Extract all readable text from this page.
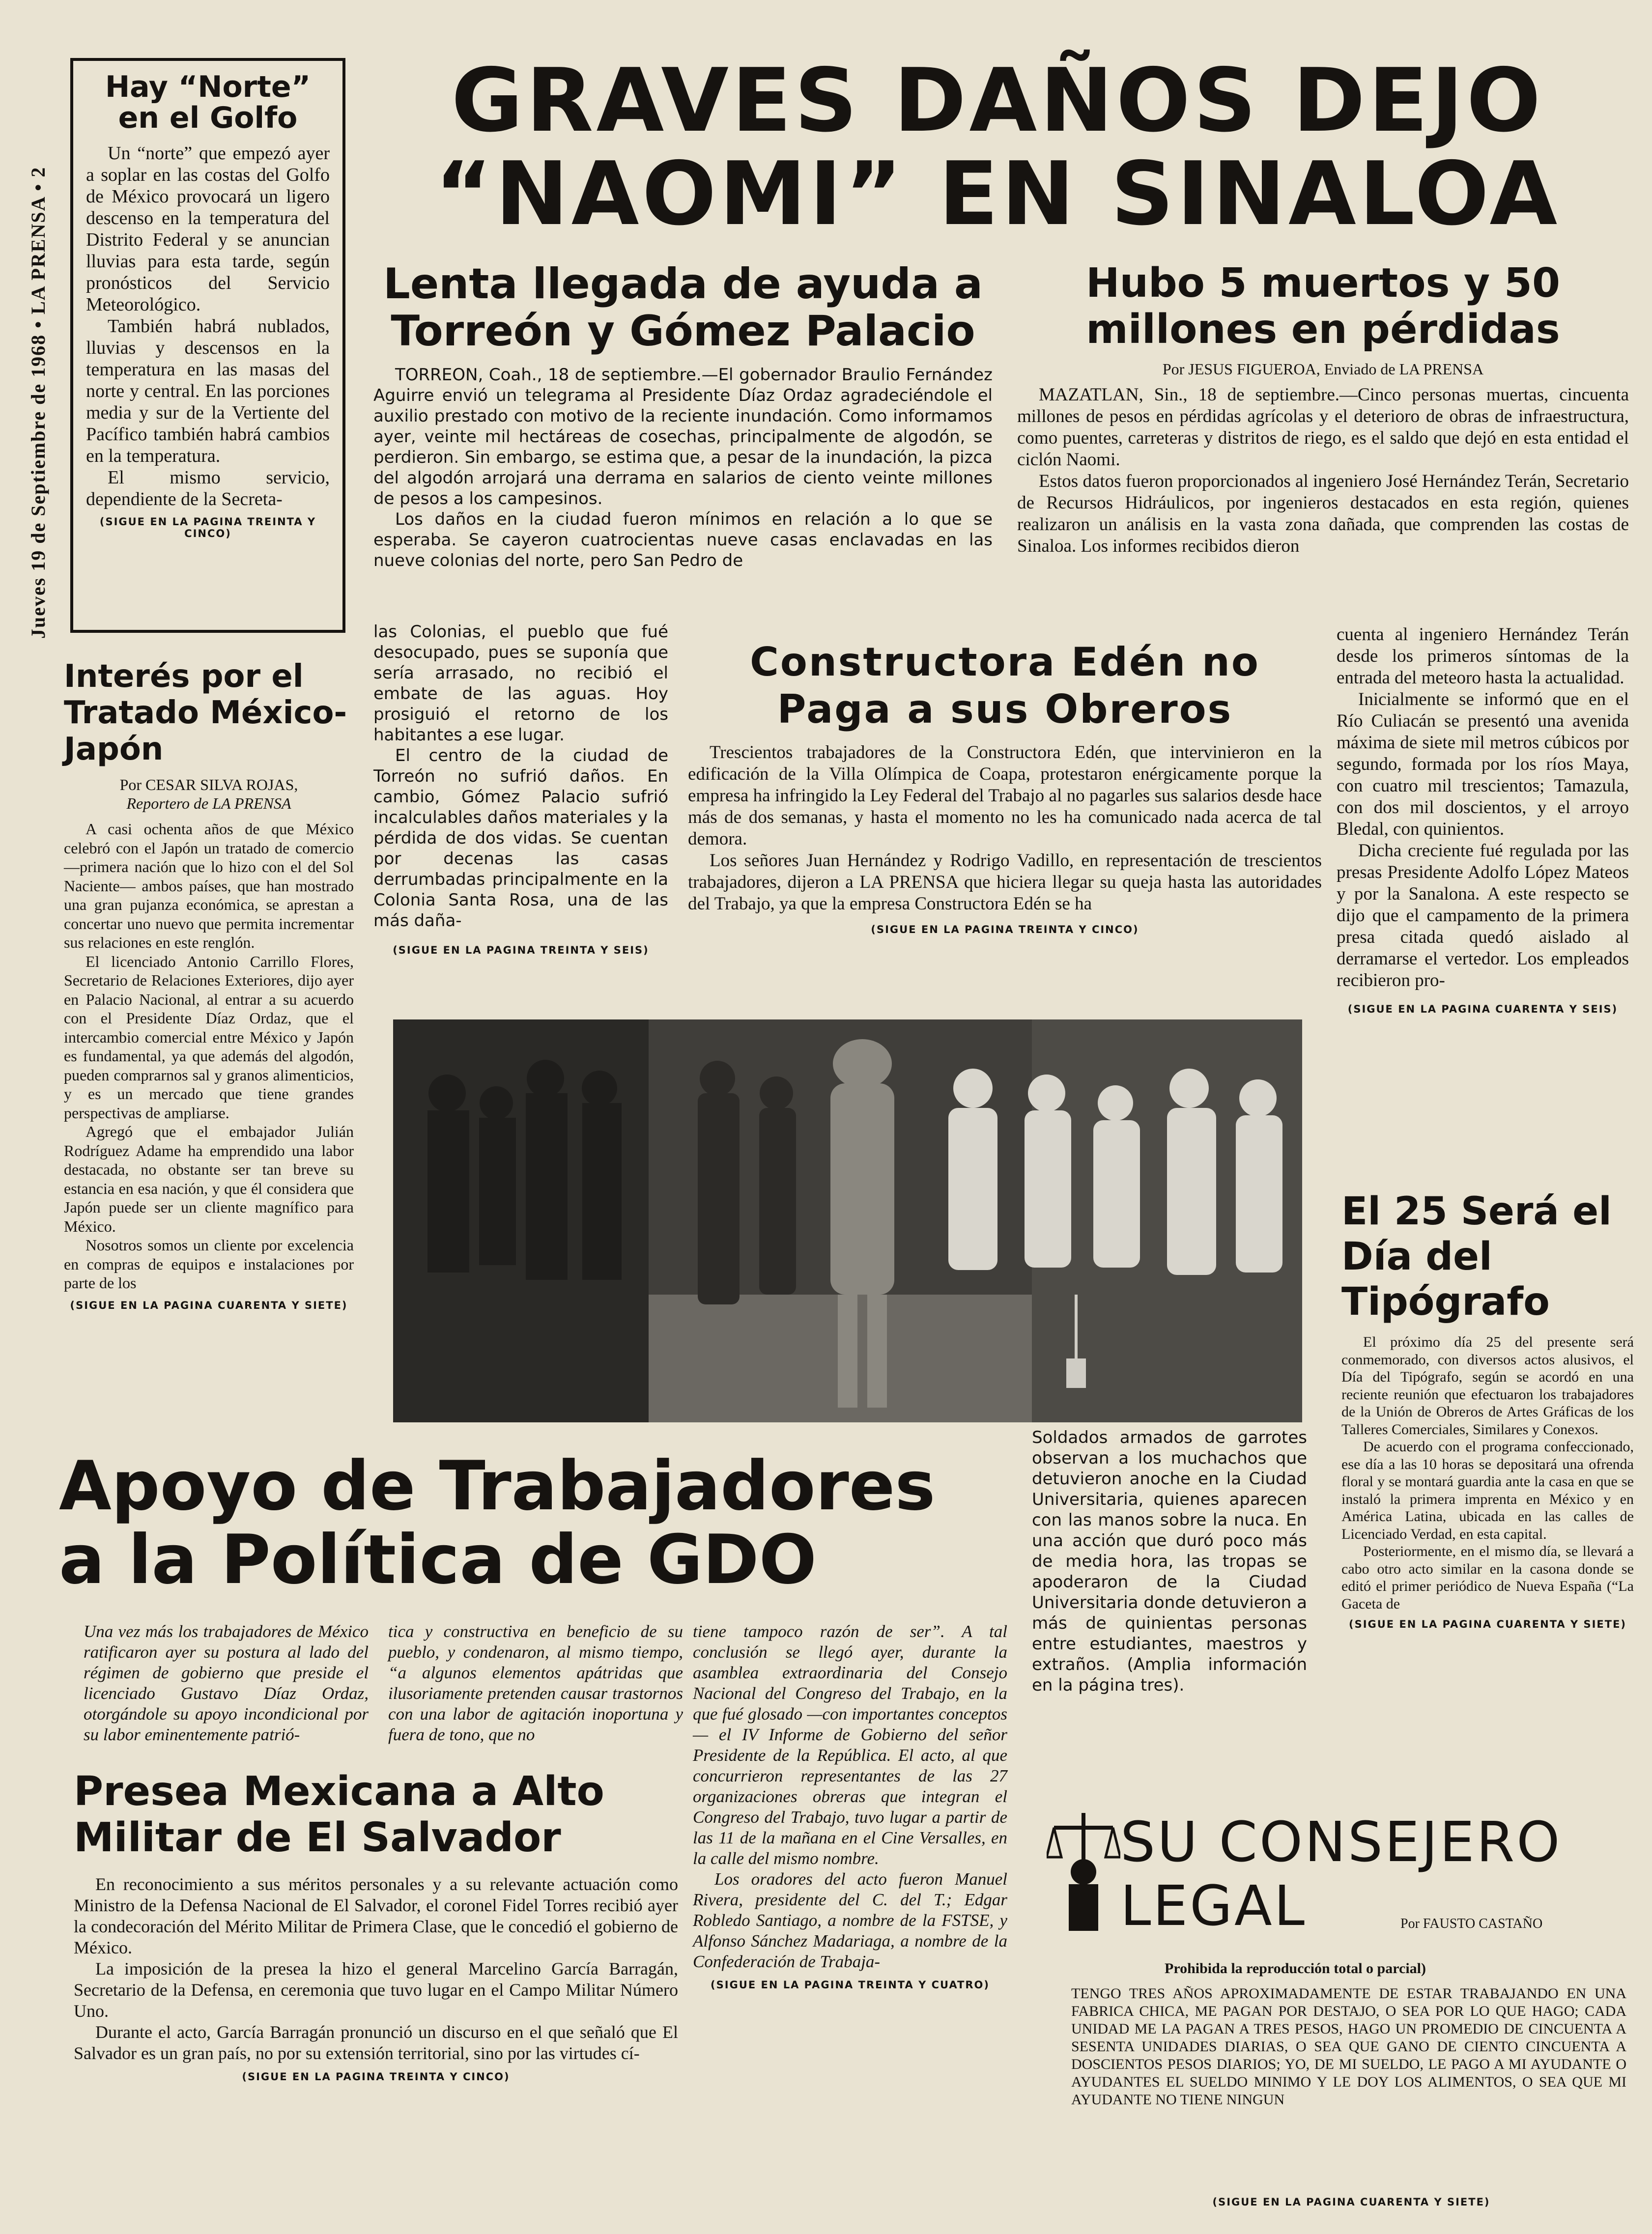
Jueves 19 de Septiembre de 1968 • LA PRENSA • 2
Hay “Norte” en el Golfo

Un “norte” que empezó ayer a soplar en las costas del Golfo de México provocará un ligero descenso en la temperatura del Distrito Federal y se anuncian lluvias para esta tarde, según pronósticos del Servicio Meteorológico.

También habrá nublados, lluvias y descensos en la temperatura en las masas del norte y central. En las porciones media y sur de la Vertiente del Pacífico también habrá cambios en la temperatura.

El mismo servicio, dependiente de la Secreta-

(SIGUE EN LA PAGINA TREINTA Y CINCO)
GRAVES DAÑOS DEJO
“NAOMI” EN SINALOA
Lenta llegada de ayuda a Torreón y Gómez Palacio

TORREON, Coah., 18 de septiembre.—El gobernador Braulio Fernández Aguirre envió un telegrama al Presidente Díaz Ordaz agradeciéndole el auxilio prestado con motivo de la reciente inundación. Como informamos ayer, veinte mil hectáreas de cosechas, principalmente de algodón, se perdieron. Sin embargo, se estima que, a pesar de la inundación, la pizca del algodón arrojará una derrama en salarios de ciento veinte millones de pesos a los campesinos.

Los daños en la ciudad fueron mínimos en relación a lo que se esperaba. Se cayeron cuatrocientas nueve casas enclavadas en las nueve colonias del norte, pero San Pedro de

las Colonias, el pueblo que fué desocupado, pues se suponía que sería arrasado, no recibió el embate de las aguas. Hoy prosiguió el retorno de los habitantes a ese lugar.

El centro de la ciudad de Torreón no sufrió daños. En cambio, Gómez Palacio sufrió incalculables daños materiales y la pérdida de dos vidas. Se cuentan por decenas las casas derrumbadas principalmente en la Colonia Santa Rosa, una de las más daña-

(SIGUE EN LA PAGINA TREINTA Y SEIS)
Hubo 5 muertos y 50 millones en pérdidas
Por JESUS FIGUEROA, Enviado de LA PRENSA

MAZATLAN, Sin., 18 de septiembre.—Cinco personas muertas, cincuenta millones de pesos en pérdidas agrícolas y el deterioro de obras de infraestructura, como puentes, carreteras y distritos de riego, es el saldo que dejó en esta entidad el ciclón Naomi.

Estos datos fueron proporcionados al ingeniero José Hernández Terán, Secretario de Recursos Hidráulicos, por ingenieros destacados en esta región, quienes realizaron un análisis en la vasta zona dañada, que comprenden las costas de Sinaloa. Los informes recibidos dieron

cuenta al ingeniero Hernández Terán desde los primeros síntomas de la entrada del meteoro hasta la actualidad.

Inicialmente se informó que en el Río Culiacán se presentó una avenida máxima de siete mil metros cúbicos por segundo, formada por los ríos Maya, con cuatro mil trescientos; Tamazula, con dos mil doscientos, y el arroyo Bledal, con quinientos.

Dicha creciente fué regulada por las presas Presidente Adolfo López Mateos y por la Sanalona. A este respecto se dijo que el campamento de la primera presa citada quedó aislado al derramarse el vertedor. Los empleados recibieron pro-

(SIGUE EN LA PAGINA CUARENTA Y SEIS)
Interés por el Tratado México-Japón
Por CESAR SILVA ROJAS,
Reportero de LA PRENSA

A casi ochenta años de que México celebró con el Japón un tratado de comercio —primera nación que lo hizo con el del Sol Naciente— ambos países, que han mostrado una gran pujanza económica, se aprestan a concertar uno nuevo que permita incrementar sus relaciones en este renglón.

El licenciado Antonio Carrillo Flores, Secretario de Relaciones Exteriores, dijo ayer en Palacio Nacional, al entrar a su acuerdo con el Presidente Díaz Ordaz, que el intercambio comercial entre México y Japón es fundamental, ya que además del algodón, pueden comprarnos sal y granos alimenticios, y es un mercado que tiene grandes perspectivas de ampliarse.

Agregó que el embajador Julián Rodríguez Adame ha emprendido una labor destacada, no obstante ser tan breve su estancia en esa nación, y que él considera que Japón puede ser un cliente magnífico para México.

Nosotros somos un cliente por excelencia en compras de equipos e instalaciones por parte de los

(SIGUE EN LA PAGINA CUARENTA Y SIETE)
Constructora Edén no Paga a sus Obreros

Trescientos trabajadores de la Constructora Edén, que intervinieron en la edificación de la Villa Olímpica de Coapa, protestaron enérgicamente porque la empresa ha infringido la Ley Federal del Trabajo al no pagarles sus salarios desde hace más de dos semanas, y hasta el momento no les ha comunicado nada acerca de tal demora.

Los señores Juan Hernández y Rodrigo Vadillo, en representación de trescientos trabajadores, dijeron a LA PRENSA que hiciera llegar su queja hasta las autoridades del Trabajo, ya que la empresa Constructora Edén se ha

(SIGUE EN LA PAGINA TREINTA Y CINCO)
Soldados armados de garrotes observan a los muchachos que detuvieron anoche en la Ciudad Universitaria, quienes aparecen con las manos sobre la nuca. En una acción que duró poco más de media hora, las tropas se apoderaron de la Ciudad Universitaria donde detuvieron a más de quinientas personas entre estudiantes, maestros y extraños. (Amplia información en la página tres).
El 25 Será el Día del Tipógrafo

El próximo día 25 del presente será conmemorado, con diversos actos alusivos, el Día del Tipógrafo, según se acordó en una reciente reunión que efectuaron los trabajadores de la Unión de Obreros de Artes Gráficas de los Talleres Comerciales, Similares y Conexos.

De acuerdo con el programa confeccionado, ese día a las 10 horas se depositará una ofrenda floral y se montará guardia ante la casa en que se instaló la primera imprenta en México y en América Latina, ubicada en las calles de Licenciado Verdad, en esta capital.

Posteriormente, en el mismo día, se llevará a cabo otro acto similar en la casona donde se editó el primer periódico de Nueva España (“La Gaceta de

(SIGUE EN LA PAGINA CUARENTA Y SIETE)
Apoyo de Trabajadores
a la Política de GDO
Una vez más los trabajadores de México ratificaron ayer su postura al lado del régimen de gobierno que preside el licenciado Gustavo Díaz Ordaz, otorgándole su apoyo incondicional por su labor eminentemente patrió-
tica y constructiva en beneficio de su pueblo, y condenaron, al mismo tiempo, “a algunos elementos apátridas que ilusoriamente pretenden causar trastornos con una labor de agitación inoportuna y fuera de tono, que no

tiene tampoco razón de ser”. A tal conclusión se llegó ayer, durante la asamblea extraordinaria del Consejo Nacional del Congreso del Trabajo, en la que fué glosado —con importantes conceptos— el IV Informe de Gobierno del señor Presidente de la República. El acto, al que concurrieron representantes de las 27 organizaciones obreras que integran el Congreso del Trabajo, tuvo lugar a partir de las 11 de la mañana en el Cine Versalles, en la calle del mismo nombre.

Los oradores del acto fueron Manuel Rivera, presidente del C. del T.; Edgar Robledo Santiago, a nombre de la FSTSE, y Alfonso Sánchez Madariaga, a nombre de la Confederación de Trabaja-

(SIGUE EN LA PAGINA TREINTA Y CUATRO)
Presea Mexicana a Alto Militar de El Salvador

En reconocimiento a sus méritos personales y a su relevante actuación como Ministro de la Defensa Nacional de El Salvador, el coronel Fidel Torres recibió ayer la condecoración del Mérito Militar de Primera Clase, que le concedió el gobierno de México.

La imposición de la presea la hizo el general Marcelino García Barragán, Secretario de la Defensa, en ceremonia que tuvo lugar en el Campo Militar Número Uno.

Durante el acto, García Barragán pronunció un discurso en el que señaló que El Salvador es un gran país, no por su extensión territorial, sino por las virtudes cí-

(SIGUE EN LA PAGINA TREINTA Y CINCO)
SU CONSEJERO
LEGAL	Por FAUSTO CASTAÑO
Prohibida la reproducción total o parcial)
TENGO TRES AÑOS APROXIMADAMENTE DE ESTAR TRABAJANDO EN UNA FABRICA CHICA, ME PAGAN POR DESTAJO, O SEA POR LO QUE HAGO; CADA UNIDAD ME LA PAGAN A TRES PESOS, HAGO UN PROMEDIO DE CINCUENTA A SESENTA UNIDADES DIARIAS, O SEA QUE GANO DE CIENTO CINCUENTA A DOSCIENTOS PESOS DIARIOS; YO, DE MI SUELDO, LE PAGO A MI AYUDANTE O AYUDANTES EL SUELDO MINIMO Y LE DOY LOS ALIMENTOS, O SEA QUE MI AYUDANTE NO TIENE NINGUN
(SIGUE EN LA PAGINA CUARENTA Y SIETE)
